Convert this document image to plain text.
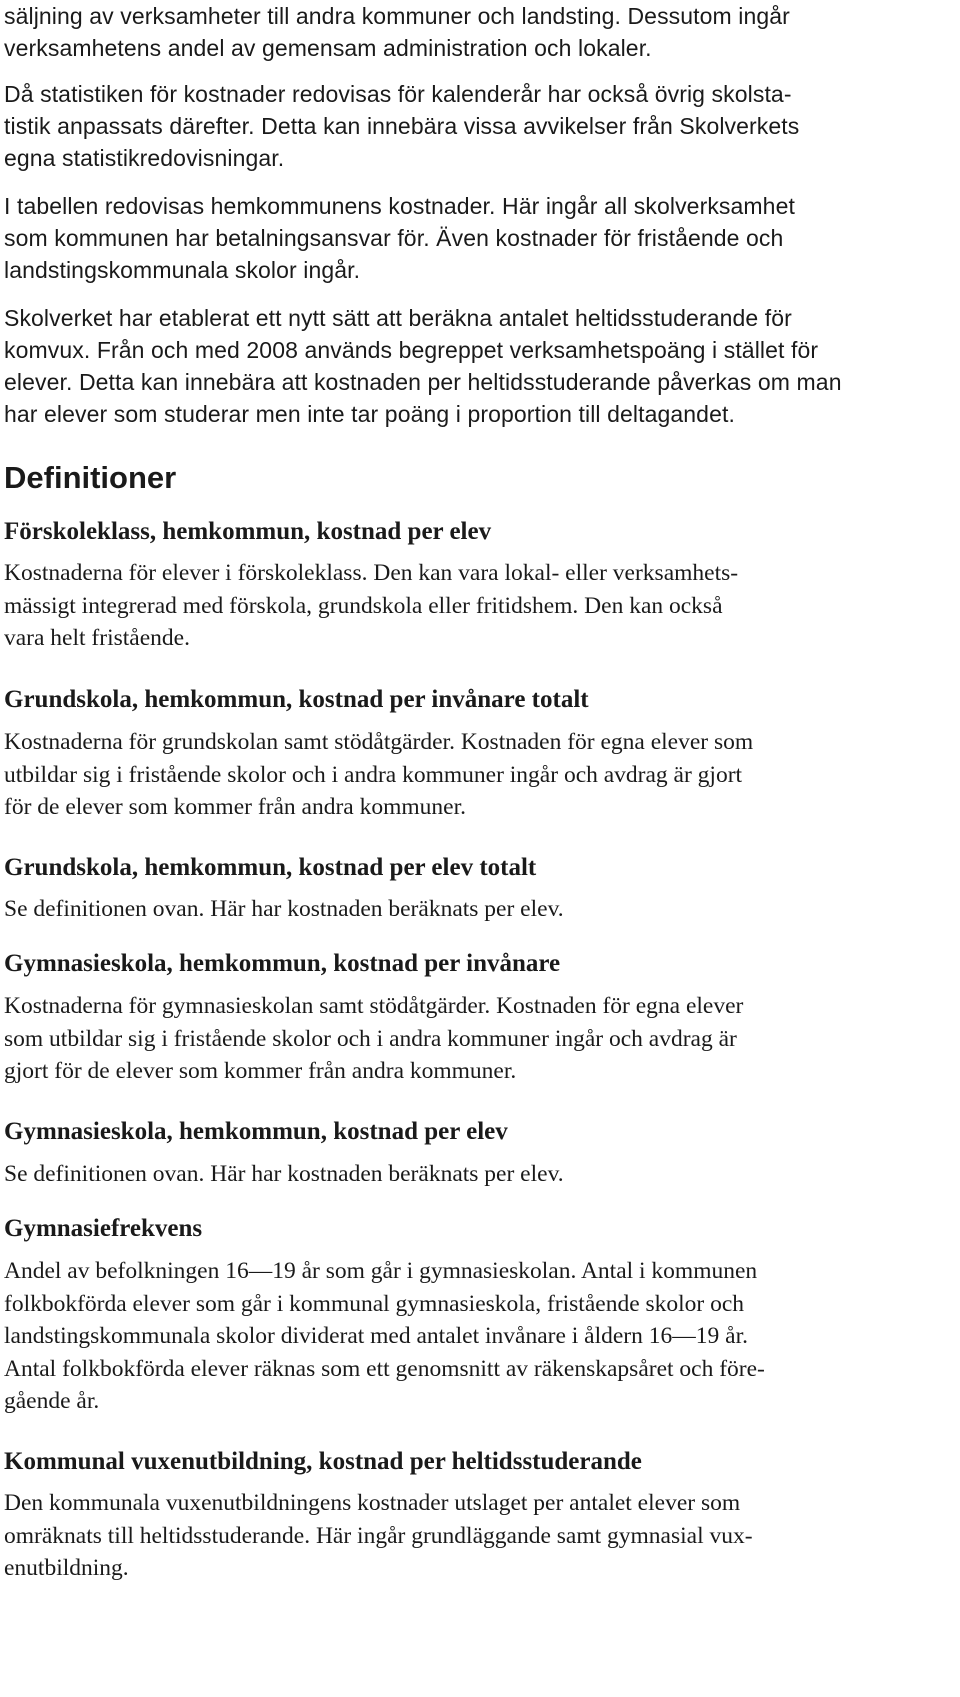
säljning av verksamheter till andra kommuner och landsting. Dessutom ingår
verksamhetens andel av gemensam administration och lokaler.
Då statistiken för kostnader redovisas för kalenderår har också övrig skolsta-
tistik anpassats därefter. Detta kan innebära vissa avvikelser från Skolverkets
egna statistikredovisningar.
I tabellen redovisas hemkommunens kostnader. Här ingår all skolverksamhet
som kommunen har betalningsansvar för. Även kostnader för fristående och
landstingskommunala skolor ingår.
Skolverket har etablerat ett nytt sätt att beräkna antalet heltidsstuderande för
komvux. Från och med 2008 används begreppet verksamhetspoäng i stället för
elever. Detta kan innebära att kostnaden per heltidsstuderande påverkas om man
har elever som studerar men inte tar poäng i proportion till deltagandet.
Definitioner
Förskoleklass, hemkommun, kostnad per elev
Kostnaderna för elever i förskoleklass. Den kan vara lokal- eller verksamhets-
mässigt integrerad med förskola, grundskola eller fritidshem. Den kan också
vara helt fristående.
Grundskola, hemkommun, kostnad per invånare totalt
Kostnaderna för grundskolan samt stödåtgärder. Kostnaden för egna elever som
utbildar sig i fristående skolor och i andra kommuner ingår och avdrag är gjort
för de elever som kommer från andra kommuner.
Grundskola, hemkommun, kostnad per elev totalt
Se definitionen ovan. Här har kostnaden beräknats per elev.
Gymnasieskola, hemkommun, kostnad per invånare
Kostnaderna för gymnasieskolan samt stödåtgärder. Kostnaden för egna elever
som utbildar sig i fristående skolor och i andra kommuner ingår och avdrag är
gjort för de elever som kommer från andra kommuner.
Gymnasieskola, hemkommun, kostnad per elev
Se definitionen ovan. Här har kostnaden beräknats per elev.
Gymnasiefrekvens
Andel av befolkningen 16—19 år som går i gymnasieskolan. Antal i kommunen
folkbokförda elever som går i kommunal gymnasieskola, fristående skolor och
landstingskommunala skolor dividerat med antalet invånare i åldern 16—19 år.
Antal folkbokförda elever räknas som ett genomsnitt av räkenskapsåret och före-
gående år.
Kommunal vuxenutbildning, kostnad per heltidsstuderande
Den kommunala vuxenutbildningens kostnader utslaget per antalet elever som
omräknats till heltidsstuderande. Här ingår grundläggande samt gymnasial vux-
enutbildning.
